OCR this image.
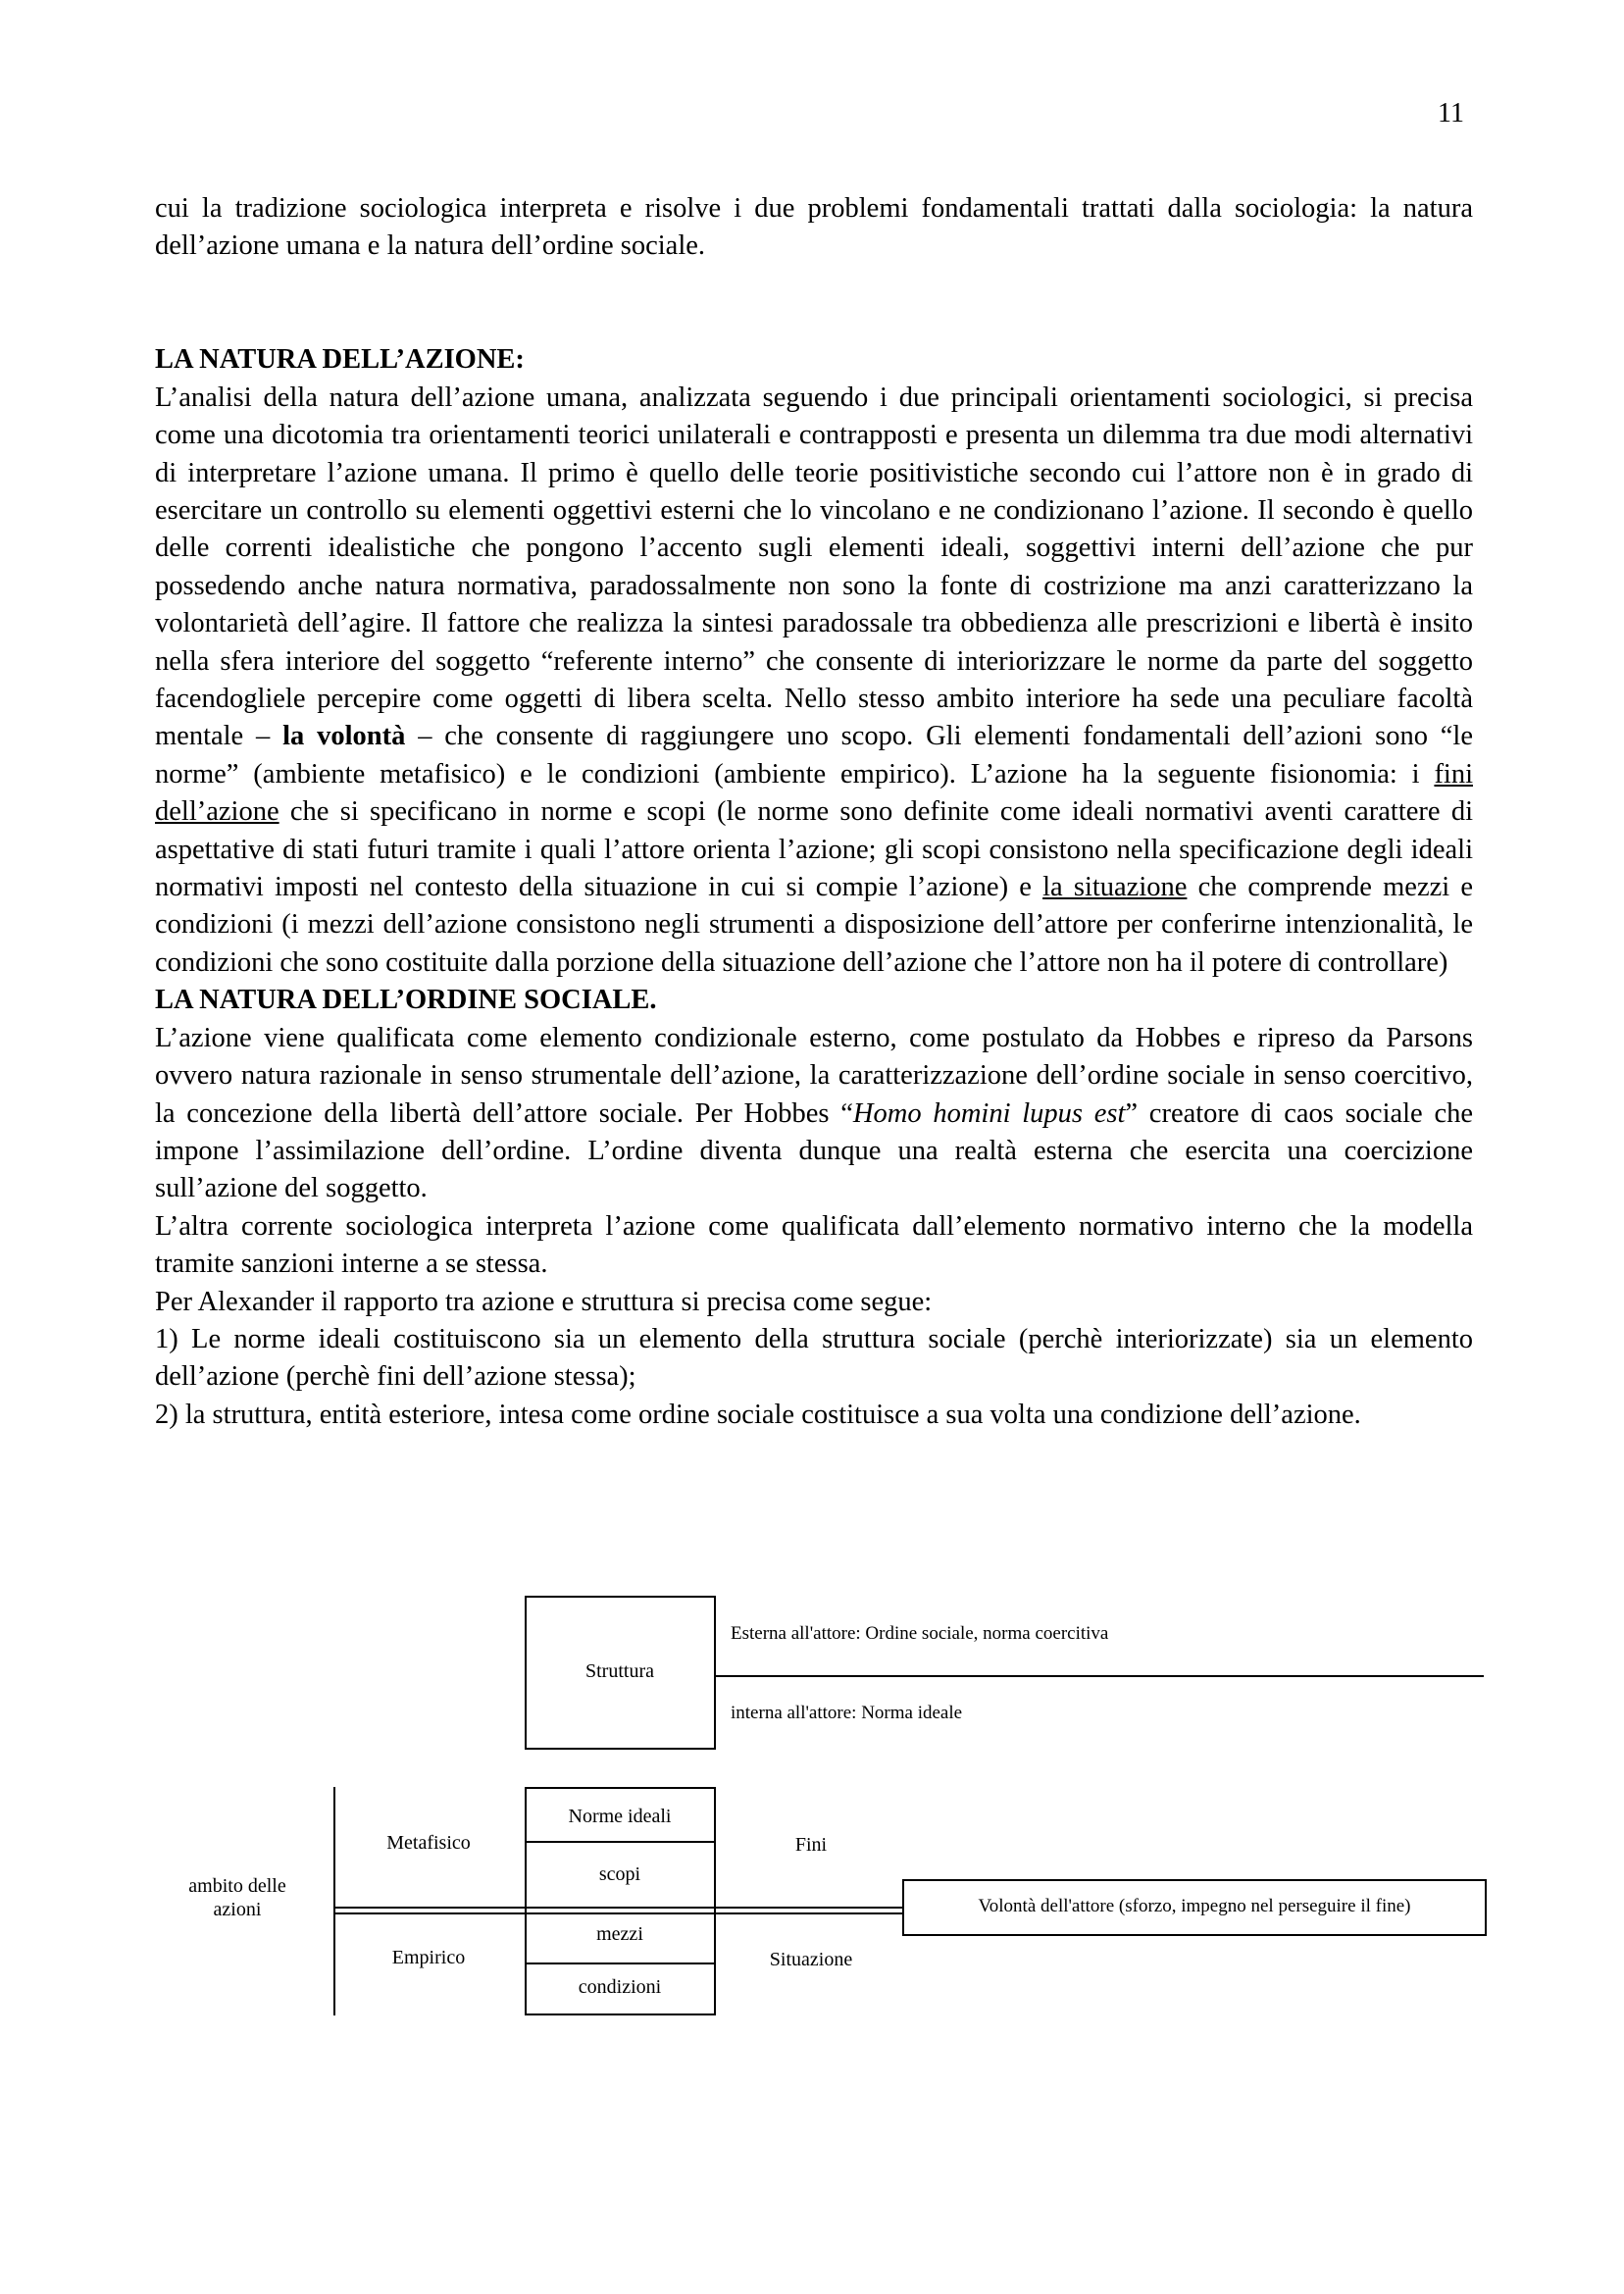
11

cui la tradizione sociologica interpreta e risolve i due problemi fondamentali trattati dalla sociologia: la natura dell’azione umana e la natura dell’ordine sociale.

LA NATURA DELL’AZIONE:

L’analisi della natura dell’azione umana, analizzata seguendo i due principali orientamenti sociologici, si precisa come una dicotomia tra orientamenti teorici unilaterali e contrapposti e presenta un dilemma tra due modi alternativi di interpretare l’azione umana. Il primo è quello delle teorie positivistiche secondo cui l’attore non è in grado di esercitare un controllo su elementi oggettivi esterni che lo vincolano e ne condizionano l’azione. Il secondo è quello delle correnti idealistiche che pongono l’accento sugli elementi ideali, soggettivi interni dell’azione che pur possedendo anche natura normativa, paradossalmente non sono la fonte di costrizione ma anzi caratterizzano la volontarietà dell’agire. Il fattore che realizza la sintesi paradossale tra obbedienza alle prescrizioni e libertà è insito nella sfera interiore del soggetto “referente interno” che consente di interiorizzare le norme da parte del soggetto facendogliele percepire come oggetti di libera scelta. Nello stesso ambito interiore ha sede una peculiare facoltà mentale – la volontà – che consente di raggiungere uno scopo. Gli elementi fondamentali dell’azioni sono “le norme” (ambiente metafisico) e le condizioni (ambiente empirico). L’azione ha la seguente fisionomia: i fini dell’azione che si specificano in norme e scopi (le norme sono definite come ideali normativi aventi carattere di aspettative di stati futuri tramite i quali l’attore orienta l’azione; gli scopi consistono nella specificazione degli ideali normativi imposti nel contesto della situazione in cui si compie l’azione) e la situazione che comprende mezzi e condizioni (i mezzi dell’azione consistono negli strumenti a disposizione dell’attore per conferirne intenzionalità, le condizioni che sono costituite dalla porzione della situazione dell’azione che l’attore non ha il potere di controllare)

LA NATURA DELL’ORDINE SOCIALE.

L’azione viene qualificata come elemento condizionale esterno, come postulato da Hobbes e ripreso da Parsons ovvero natura razionale in senso strumentale dell’azione, la caratterizzazione dell’ordine sociale in senso coercitivo, la concezione della libertà dell’attore sociale. Per Hobbes “Homo homini lupus est” creatore di caos sociale che impone l’assimilazione dell’ordine. L’ordine diventa dunque una realtà esterna che esercita una coercizione sull’azione del soggetto.

L’altra corrente sociologica interpreta l’azione come qualificata dall’elemento normativo interno che la modella tramite sanzioni interne a se stessa.

Per Alexander il rapporto tra azione e struttura si precisa come segue:

1) Le norme ideali costituiscono sia un elemento della struttura sociale (perchè interiorizzate) sia un elemento dell’azione (perchè fini dell’azione stessa);

2) la struttura, entità esteriore, intesa come ordine sociale costituisce a sua volta una condizione dell’azione.

Struttura
Esterna all'attore: Ordine sociale, norma coercitiva
interna all'attore: Norma ideale
ambito delle
azioni
Metafisico
Empirico
Norme ideali
scopi
mezzi
condizioni
Fini
Situazione
Volontà dell'attore (sforzo, impegno nel perseguire il fine)
